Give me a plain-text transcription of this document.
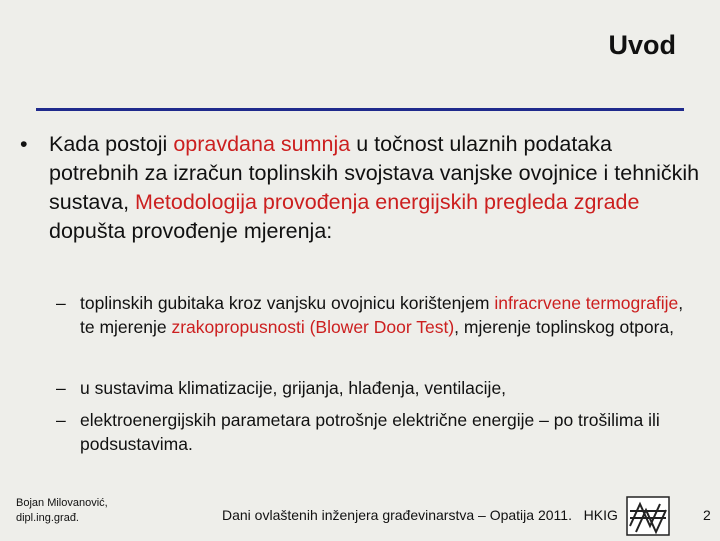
Uvod
• Kada postoji opravdana sumnja u točnost ulaznih podataka potrebnih za izračun toplinskih svojstava vanjske ovojnice i tehničkih sustava, Metodologija provođenja energijskih pregleda zgrade dopušta provođenje mjerenja:
– toplinskih gubitaka kroz vanjsku ovojnicu korištenjem infracrvene termografije, te mjerenje zrakopropusnosti (Blower Door Test), mjerenje toplinskog otpora,
– u sustavima klimatizacije, grijanja, hlađenja, ventilacije,
– elektroenergijskih parametara potrošnje električne energije – po trošilima ili podsustavima.
Bojan Milovanović,
dipl.ing.građ.	Dani ovlaštenih inženjera građevinarstva – Opatija 2011. HKIG	2
